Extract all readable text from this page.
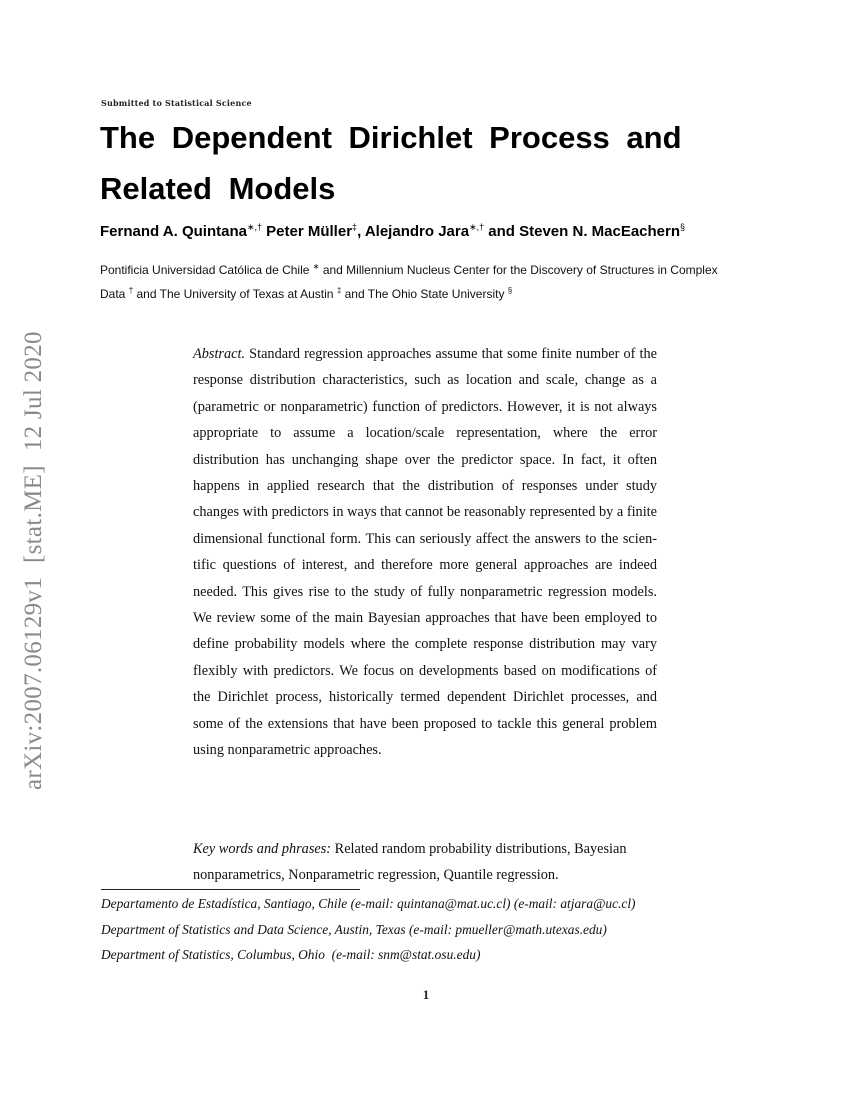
Submitted to Statistical Science
The Dependent Dirichlet Process and
Related Models
Fernand A. Quintana∗,† Peter Müller‡, Alejandro Jara∗,† and Steven N. MacEachern§
Pontificia Universidad Católica de Chile ∗ and Millennium Nucleus Center for the Discovery of Structures in Complex Data † and The University of Texas at Austin ‡ and The Ohio State University §
arXiv:2007.06129v1[stat.ME]12 Jul 2020	Abstract. Standard regression approaches assume that some finite number of the response distribution characteristics, such as location and scale, change as a (parametric or nonparametric) function of predictors. However, it is not always appropriate to assume a location/scale representation, where the error distribution has unchanging shape over the predictor space. In fact, it often happens in applied research that the distribution of responses under study changes with predictors in ways that cannot be reasonably represented by a finite dimensional functional form. This can seriously affect the answers to the scientific questions of interest, and therefore more general approaches are indeed needed. This gives rise to the study of fully nonparametric regression models. We review some of the main Bayesian approaches that have been employed to define probability models where the complete response distribution may vary flexibly with predictors. We focus on developments based on modifications of the Dirichlet process, historically termed dependent Dirichlet processes, and some of the extensions that have been proposed to tackle this general problem using nonparametric approaches.
Key words and phrases: Related random probability distributions, Bayesian nonparametrics, Nonparametric regression, Quantile regression.
Departamento de Estadística, Santiago, Chile (e-mail: quintana@mat.uc.cl) (e-mail: atjara@uc.cl)
Department of Statistics and Data Science, Austin, Texas (e-mail: pmueller@math.utexas.edu)
Department of Statistics, Columbus, Ohio  (e-mail: snm@stat.osu.edu)
1
